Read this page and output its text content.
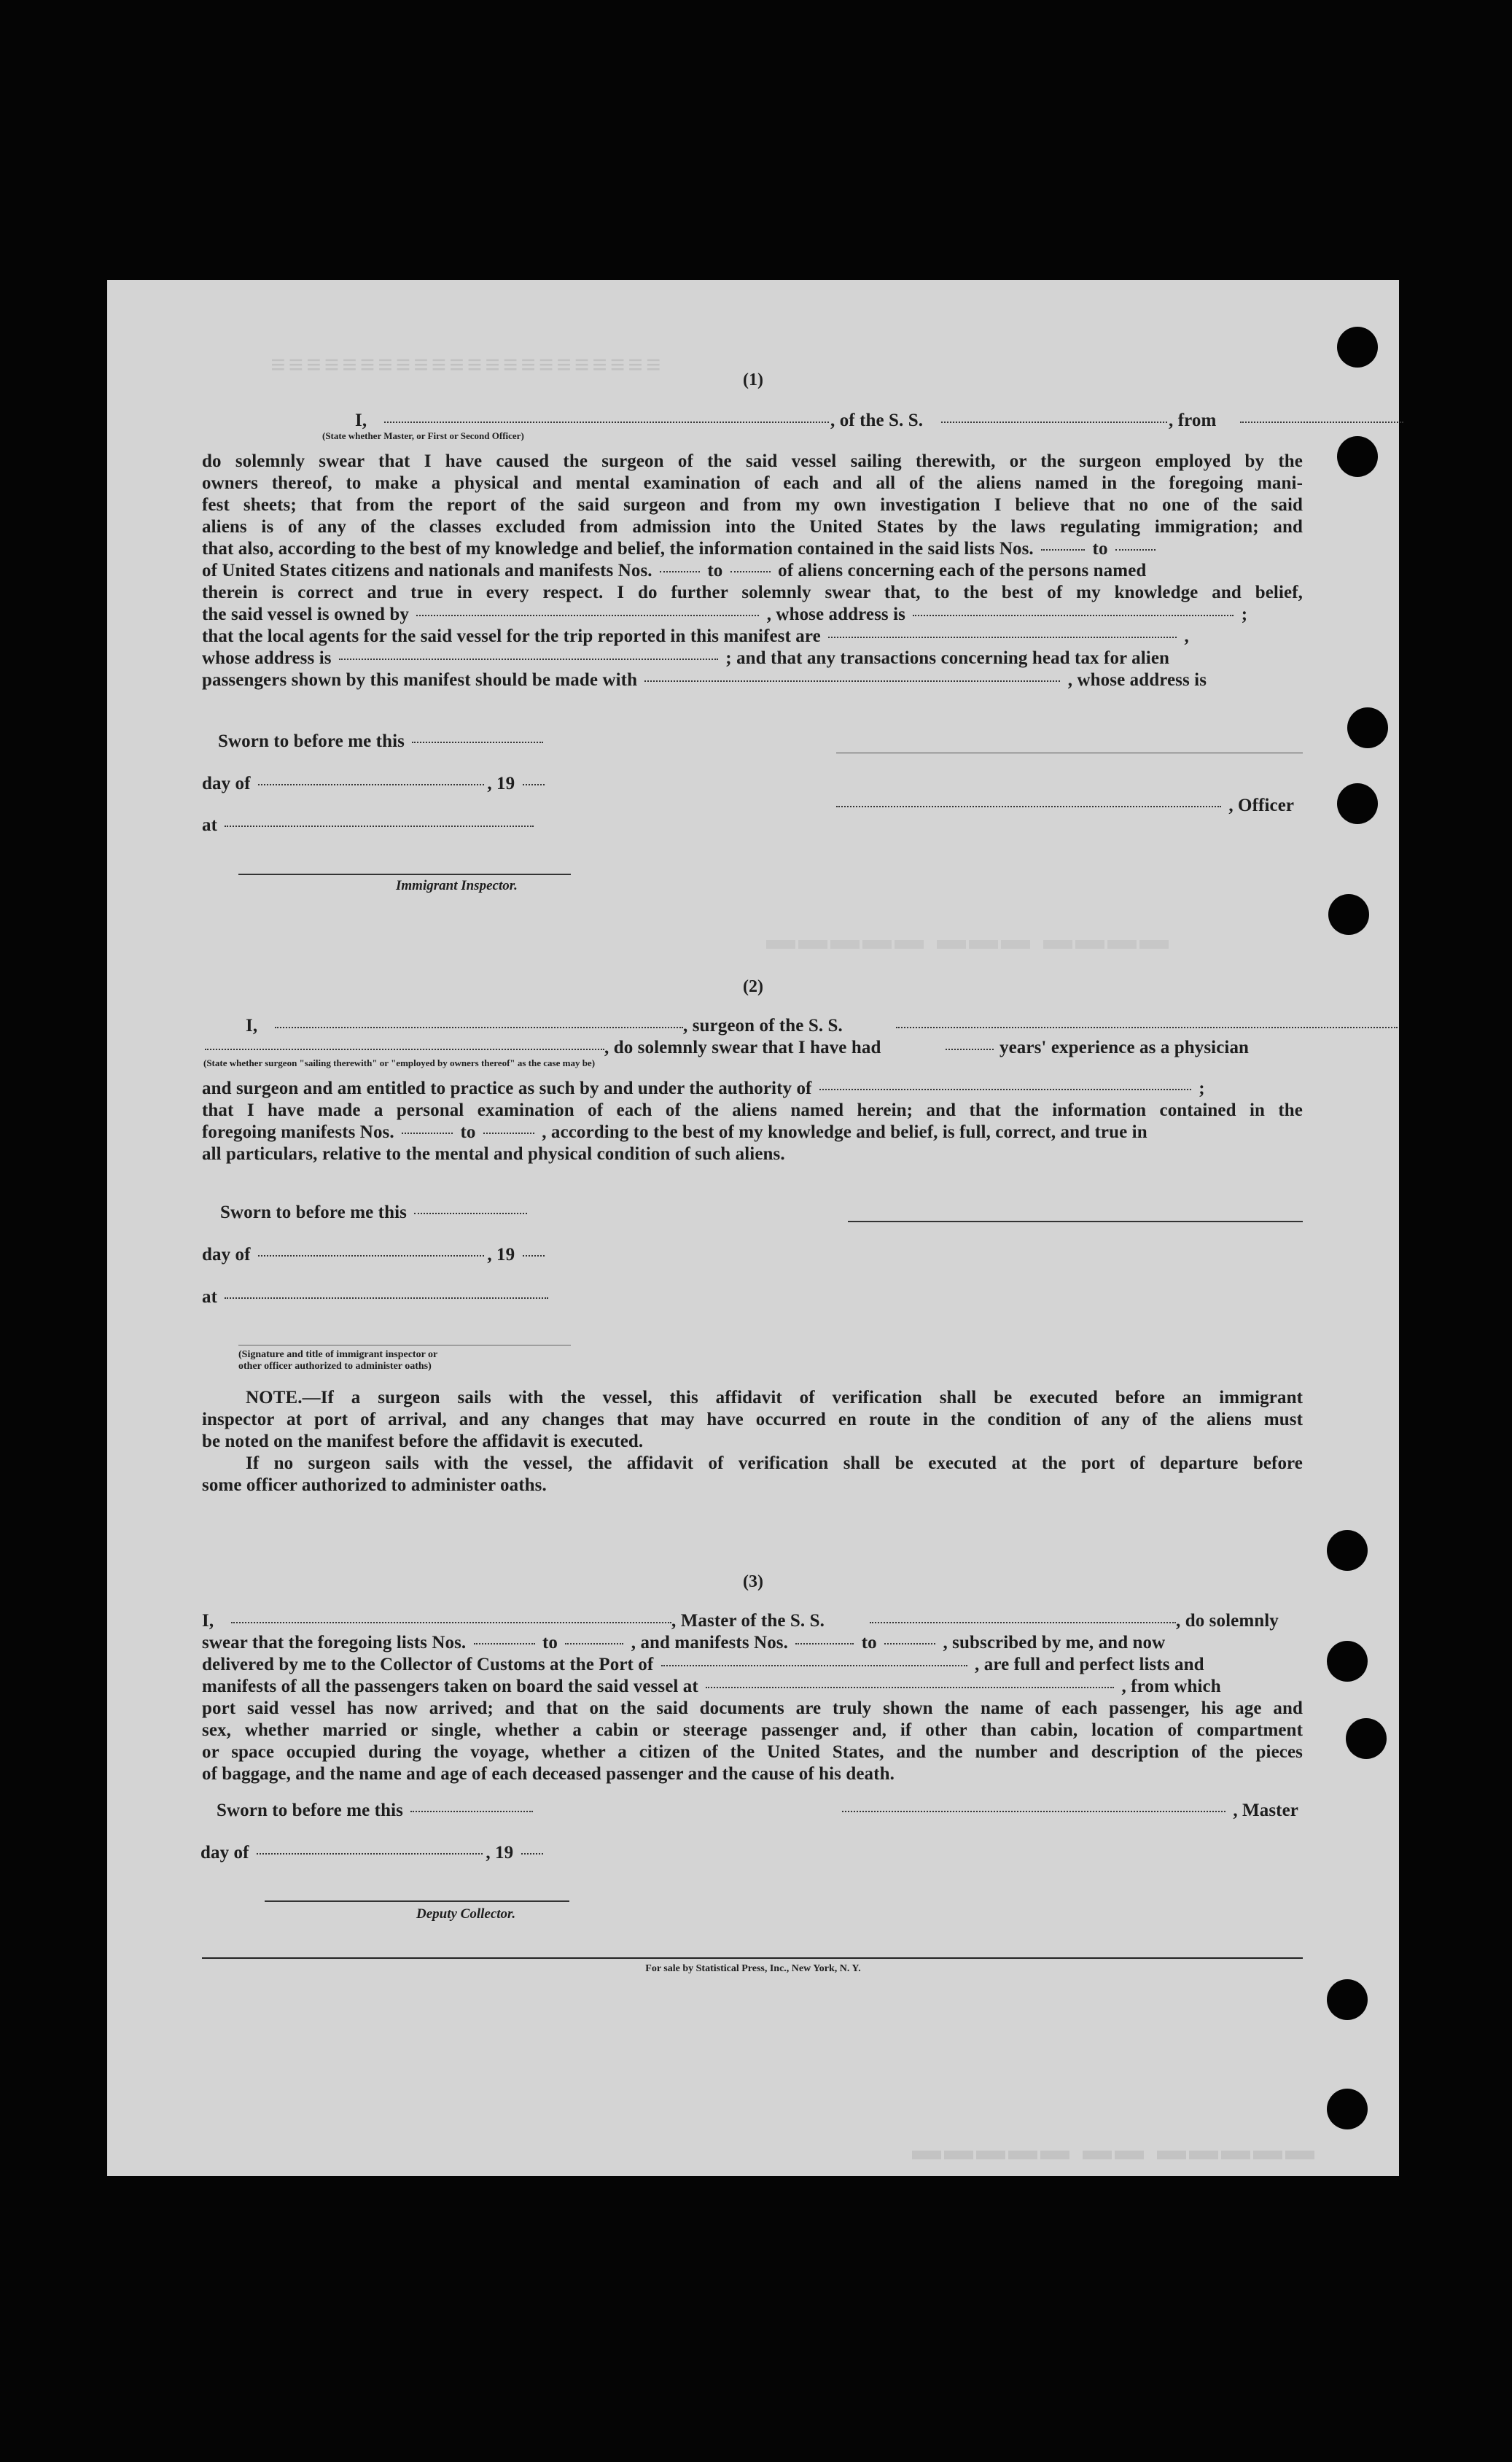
≡≡≡≡≡≡≡≡≡≡≡≡≡≡≡≡≡≡≡≡≡≡
▬▬▬▬ ▬▬▬ ▬▬▬▬▬
▬▬▬▬▬ ▬▬ ▬▬▬▬▬
(1)
I,	, of the S. S.	, from
(State whether Master, or First or Second Officer)
do solemnly swear that I have caused the surgeon of the said vessel sailing therewith, or the surgeon employed by the
owners thereof, to make a physical and mental examination of each and all of the aliens named in the foregoing mani-
fest sheets; that from the report of the said surgeon and from my own investigation I believe that no one of the said
aliens is of any of the classes excluded from admission into the United States by the laws regulating immigration; and
that also, according to the best of my knowledge and belief, the information contained in the said lists Nos.	to
of United States citizens and nationals and manifests Nos.	to	of aliens concerning each of the persons named
therein is correct and true in every respect. I do further solemnly swear that, to the best of my knowledge and belief,
the said vessel is owned by	, whose address is	;
that the local agents for the said vessel for the trip reported in this manifest are	,
whose address is	; and that any transactions concerning head tax for alien
passengers shown by this manifest should be made with	, whose address is
Sworn to before me this
day of	, 19
at
Immigrant Inspector.
, Officer
(2)
I,	, surgeon of the S. S.
, do solemnly swear that I have had	years' experience as a physician
(State whether surgeon "sailing therewith" or "employed by owners thereof" as the case may be)
and surgeon and am entitled to practice as such by and under the authority of	;
that I have made a personal examination of each of the aliens named herein; and that the information contained in the
foregoing manifests Nos.	to	, according to the best of my knowledge and belief, is full, correct, and true in
all particulars, relative to the mental and physical condition of such aliens.
Sworn to before me this
day of	, 19
at
(Signature and title of immigrant inspector or
other officer authorized to administer oaths)
NOTE.—If a surgeon sails with the vessel, this affidavit of verification shall be executed before an immigrant
inspector at port of arrival, and any changes that may have occurred en route in the condition of any of the aliens must
be noted on the manifest before the affidavit is executed.
If no surgeon sails with the vessel, the affidavit of verification shall be executed at the port of departure before
some officer authorized to administer oaths.
(3)
I,	, Master of the S. S.	, do solemnly
swear that the foregoing lists Nos.	to	, and manifests Nos.	to	, subscribed by me, and now
delivered by me to the Collector of Customs at the Port of	, are full and perfect lists and
manifests of all the passengers taken on board the said vessel at	, from which
port said vessel has now arrived; and that on the said documents are truly shown the name of each passenger, his age and
sex, whether married or single, whether a cabin or steerage passenger and, if other than cabin, location of compartment
or space occupied during the voyage, whether a citizen of the United States, and the number and description of the pieces
of baggage, and the name and age of each deceased passenger and the cause of his death.
Sworn to before me this	, Master
day of	, 19
Deputy Collector.
For sale by Statistical Press, Inc., New York, N. Y.
